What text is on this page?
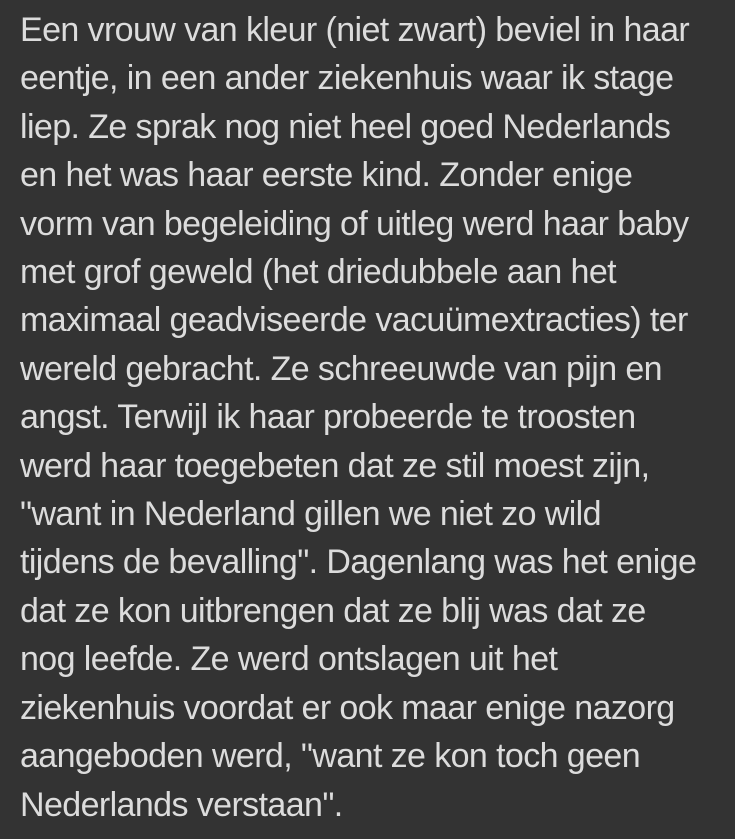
Een vrouw van kleur (niet zwart) beviel in haar
eentje, in een ander ziekenhuis waar ik stage
liep. Ze sprak nog niet heel goed Nederlands
en het was haar eerste kind. Zonder enige
vorm van begeleiding of uitleg werd haar baby
met grof geweld (het driedubbele aan het
maximaal geadviseerde vacuümextracties) ter
wereld gebracht. Ze schreeuwde van pijn en
angst. Terwijl ik haar probeerde te troosten
werd haar toegebeten dat ze stil moest zijn,
"want in Nederland gillen we niet zo wild
tijdens de bevalling". Dagenlang was het enige
dat ze kon uitbrengen dat ze blij was dat ze
nog leefde. Ze werd ontslagen uit het
ziekenhuis voordat er ook maar enige nazorg
aangeboden werd, "want ze kon toch geen
Nederlands verstaan".
